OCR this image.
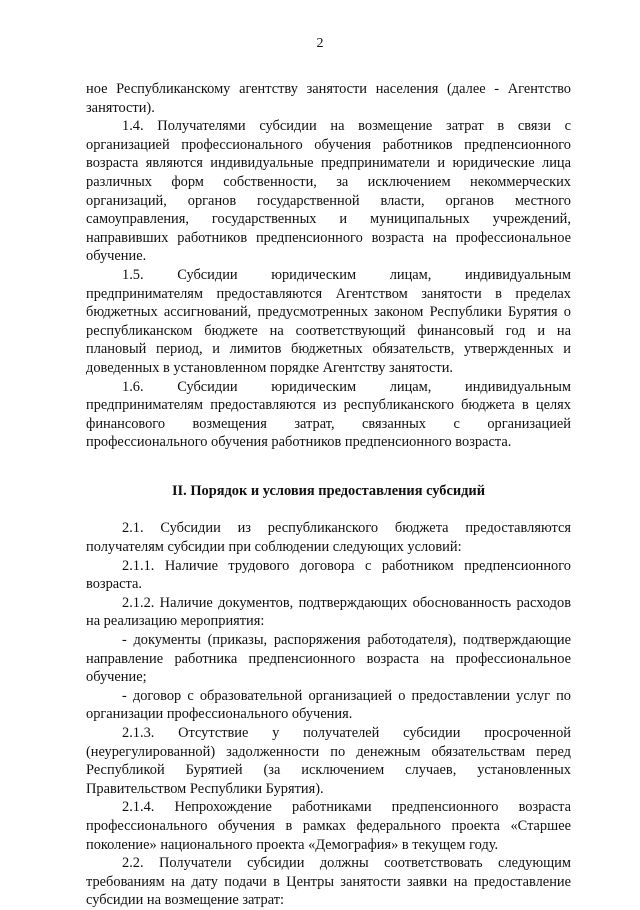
2

ное Республиканскому агентству занятости населения (далее - Агентство занятости).

1.4. Получателями субсидии на возмещение затрат в связи с организацией профессионального обучения работников предпенсионного возраста являются индивидуальные предприниматели и юридические лица различных форм собственности, за исключением некоммерческих организаций, органов государственной власти, органов местного самоуправления, государственных и муниципальных учреждений, направивших работников предпенсионного возраста на профессиональное обучение.

1.5. Субсидии юридическим лицам, индивидуальным предпринимателям предоставляются Агентством занятости в пределах бюджетных ассигнований, предусмотренных законом Республики Бурятия о республиканском бюджете на соответствующий финансовый год и на плановый период, и лимитов бюджетных обязательств, утвержденных и доведенных в установленном порядке Агентству занятости.

1.6. Субсидии юридическим лицам, индивидуальным предпринимателям предоставляются из республиканского бюджета в целях финансового возмещения затрат, связанных с организацией профессионального обучения работников предпенсионного возраста.

II. Порядок и условия предоставления субсидий

2.1. Субсидии из республиканского бюджета предоставляются получателям субсидии при соблюдении следующих условий:

2.1.1. Наличие трудового договора с работником предпенсионного возраста.

2.1.2. Наличие документов, подтверждающих обоснованность расходов на реализацию мероприятия:

- документы (приказы, распоряжения работодателя), подтверждающие направление работника предпенсионного возраста на профессиональное обучение;

- договор с образовательной организацией о предоставлении услуг по организации профессионального обучения.

2.1.3. Отсутствие у получателей субсидии просроченной (неурегулированной) задолженности по денежным обязательствам перед Республикой Бурятией (за исключением случаев, установленных Правительством Республики Бурятия).

2.1.4. Непрохождение работниками предпенсионного возраста профессионального обучения в рамках федерального проекта «Старшее поколение» национального проекта «Демография» в текущем году.

2.2. Получатели субсидии должны соответствовать следующим требованиям на дату подачи в Центры занятости заявки на предоставление субсидии на возмещение затрат:
